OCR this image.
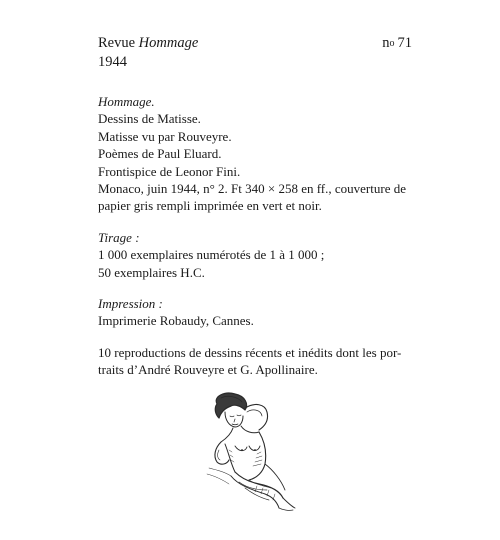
Revue Hommage
1944
no 71
Hommage.
Dessins de Matisse.
Matisse vu par Rouveyre.
Poèmes de Paul Eluard.
Frontispice de Leonor Fini.
Monaco, juin 1944, n° 2. Ft 340 × 258 en ff., couverture de
papier gris rempli imprimée en vert et noir.
Tirage :
1 000 exemplaires numérotés de 1 à 1 000 ;
50 exemplaires H.C.
Impression :
Imprimerie Robaudy, Cannes.
10 reproductions de dessins récents et inédits dont les por-
traits d’André Rouveyre et G. Apollinaire.
